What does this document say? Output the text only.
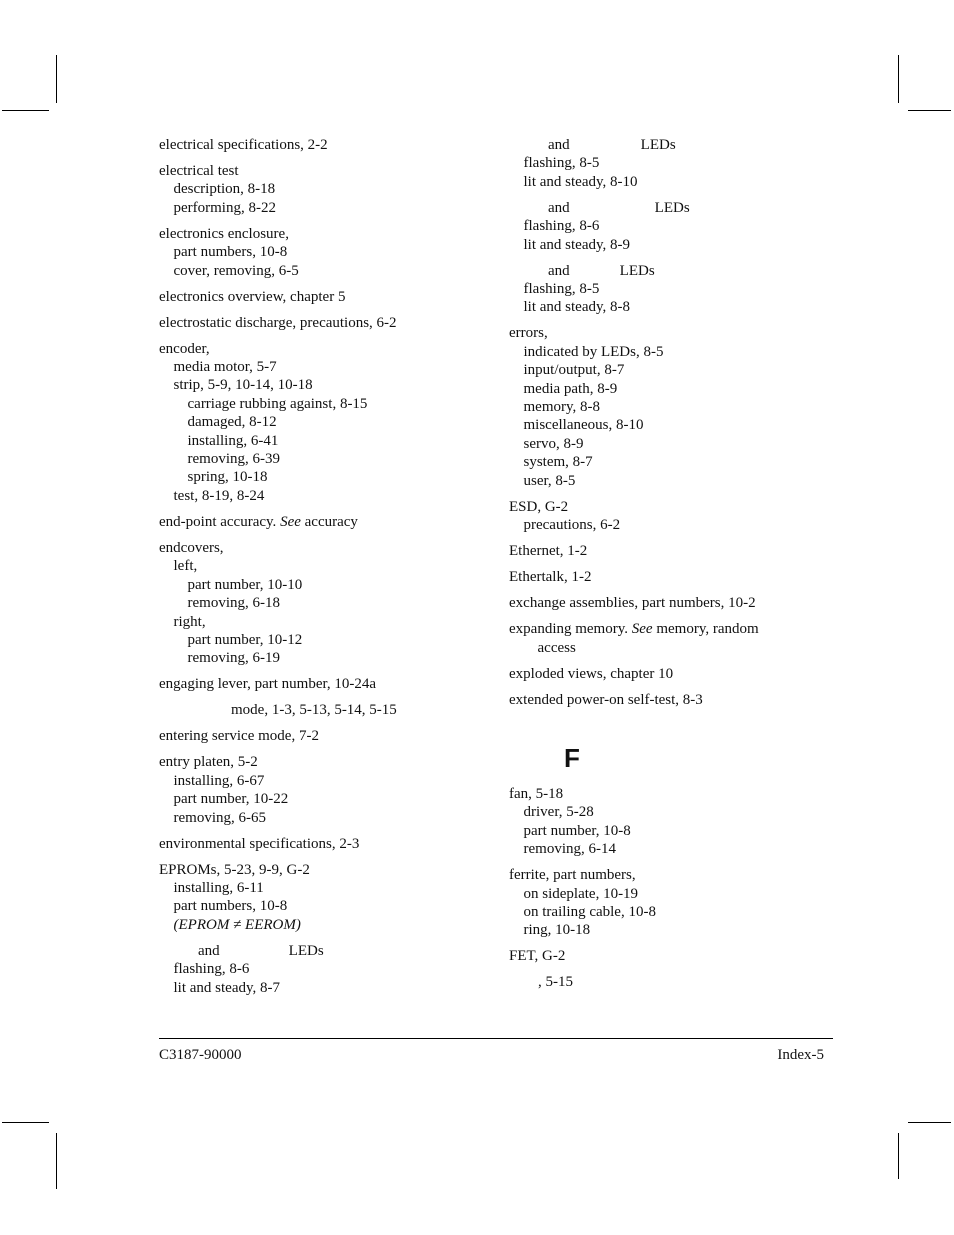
electrical specifications, 2-2
electrical test
description, 8-18
performing, 8-22
electronics enclosure,
part numbers, 10-8
cover, removing, 6-5
electronics overview, chapter 5
electrostatic discharge, precautions, 6-2
encoder,
media motor, 5-7
strip, 5-9, 10-14, 10-18
carriage rubbing against, 8-15
damaged, 8-12
installing, 6-41
removing, 6-39
spring, 10-18
test, 8-19, 8-24
end-point accuracy. See accuracy
endcovers,
left,
part number, 10-10
removing, 6-18
right,
part number, 10-12
removing, 6-19
engaging lever, part number, 10-24a
mode, 1-3, 5-13, 5-14, 5-15
entering service mode, 7-2
entry platen, 5-2
installing, 6-67
part number, 10-22
removing, 6-65
environmental specifications, 2-3
EPROMs, 5-23, 9-9, G-2
installing, 6-11
part numbers, 10-8
(EPROM ≠ EEROM)
and	LEDs
flashing, 8-6
lit and steady, 8-7
and	LEDs
flashing, 8-5
lit and steady, 8-10
and	LEDs
flashing, 8-6
lit and steady, 8-9
and	LEDs
flashing, 8-5
lit and steady, 8-8
errors,
indicated by LEDs, 8-5
input/output, 8-7
media path, 8-9
memory, 8-8
miscellaneous, 8-10
servo, 8-9
system, 8-7
user, 8-5
ESD, G-2
precautions, 6-2
Ethernet, 1-2
Ethertalk, 1-2
exchange assemblies, part numbers, 10-2
expanding memory. See memory, random
access
exploded views, chapter 10
extended power-on self-test, 8-3
F
fan, 5-18
driver, 5-28
part number, 10-8
removing, 6-14
ferrite, part numbers,
on sideplate, 10-19
on trailing cable, 10-8
ring, 10-18
FET, G-2
, 5-15
C3187-90000	Index-5
